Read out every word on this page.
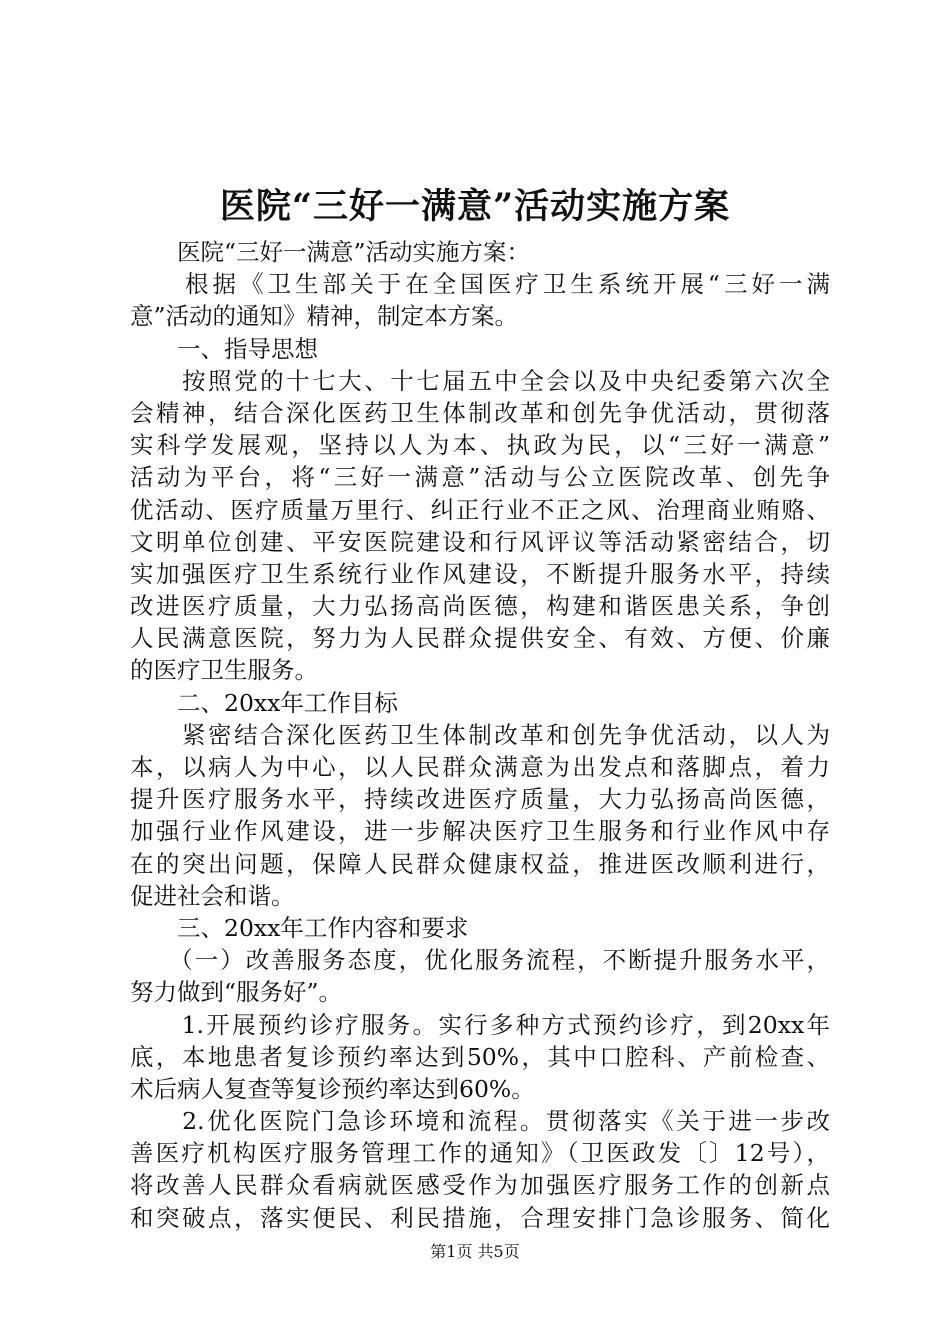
医院“三好一满意”活动实施方案
　　医院“三好一满意”活动实施方案：
　　根据《卫生部关于在全国医疗卫生系统开展“三好一满
意”活动的通知》精神，制定本方案。
　　一、指导思想
　　按照党的十七大、十七届五中全会以及中央纪委第六次全
会精神，结合深化医药卫生体制改革和创先争优活动，贯彻落
实科学发展观，坚持以人为本、执政为民，以“三好一满意”
活动为平台，将“三好一满意”活动与公立医院改革、创先争
优活动、医疗质量万里行、纠正行业不正之风、治理商业贿赂、
文明单位创建、平安医院建设和行风评议等活动紧密结合，切
实加强医疗卫生系统行业作风建设，不断提升服务水平，持续
改进医疗质量，大力弘扬高尚医德，构建和谐医患关系，争创
人民满意医院，努力为人民群众提供安全、有效、方便、价廉
的医疗卫生服务。
　　二、20xx年工作目标
　　紧密结合深化医药卫生体制改革和创先争优活动，以人为
本，以病人为中心，以人民群众满意为出发点和落脚点，着力
提升医疗服务水平，持续改进医疗质量，大力弘扬高尚医德，
加强行业作风建设，进一步解决医疗卫生服务和行业作风中存
在的突出问题，保障人民群众健康权益，推进医改顺利进行，
促进社会和谐。
　　三、20xx年工作内容和要求
　　（一）改善服务态度，优化服务流程，不断提升服务水平，
努力做到“服务好”。
　　1.开展预约诊疗服务。实行多种方式预约诊疗，到20xx年
底，本地患者复诊预约率达到50%，其中口腔科、产前检查、
术后病人复查等复诊预约率达到60%。
　　2.优化医院门急诊环境和流程。贯彻落实《关于进一步改
善医疗机构医疗服务管理工作的通知》（卫医政发〔〕12号），
将改善人民群众看病就医感受作为加强医疗服务工作的创新点
和突破点，落实便民、利民措施，合理安排门急诊服务、简化
第1页 共5页
